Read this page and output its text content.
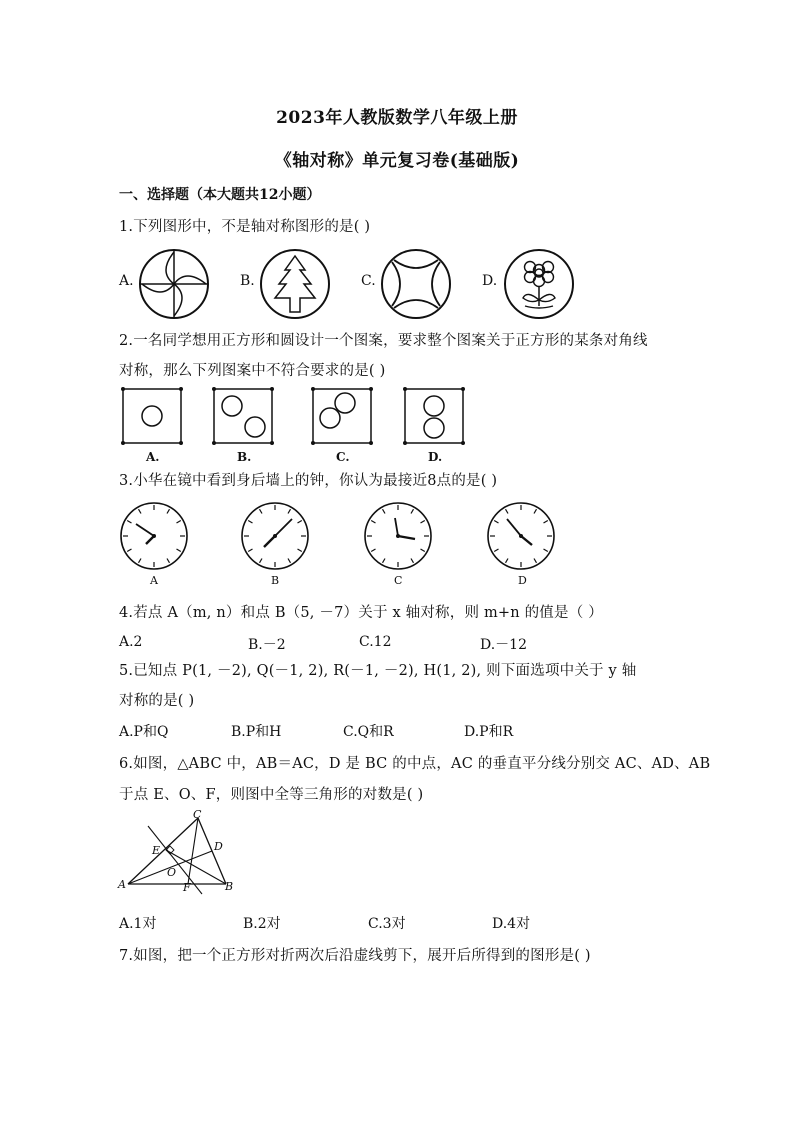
2023年人教版数学八年级上册
《轴对称》单元复习卷(基础版)
一、选择题（本大题共12小题）
1.下列图形中，不是轴对称图形的是( )
A.	B.	C.	D.
2.一名同学想用正方形和圆设计一个图案，要求整个图案关于正方形的某条对角线
对称，那么下列图案中不符合要求的是( )
A.	B.	C.	D.
3.小华在镜中看到身后墙上的钟，你认为最接近8点的是( )
A	B	C	D
4.若点 A（m, n）和点 B（5, －7）关于 x 轴对称，则 m+n 的值是（ ）
A.2	B.－2	C.12	D.－12
5.已知点 P(1, －2), Q(－1, 2), R(－1, －2), H(1, 2), 则下面选项中关于 y 轴
对称的是( )
A.P和Q	B.P和H	C.Q和R	D.P和R
6.如图，△ABC 中，AB＝AC，D 是 BC 的中点，AC 的垂直平分线分别交 AC、AD、AB
于点 E、O、F，则图中全等三角形的对数是( )
C
E	D
O
A	F	B
A.1对	B.2对	C.3对	D.4对
7.如图，把一个正方形对折两次后沿虚线剪下，展开后所得到的图形是( )
